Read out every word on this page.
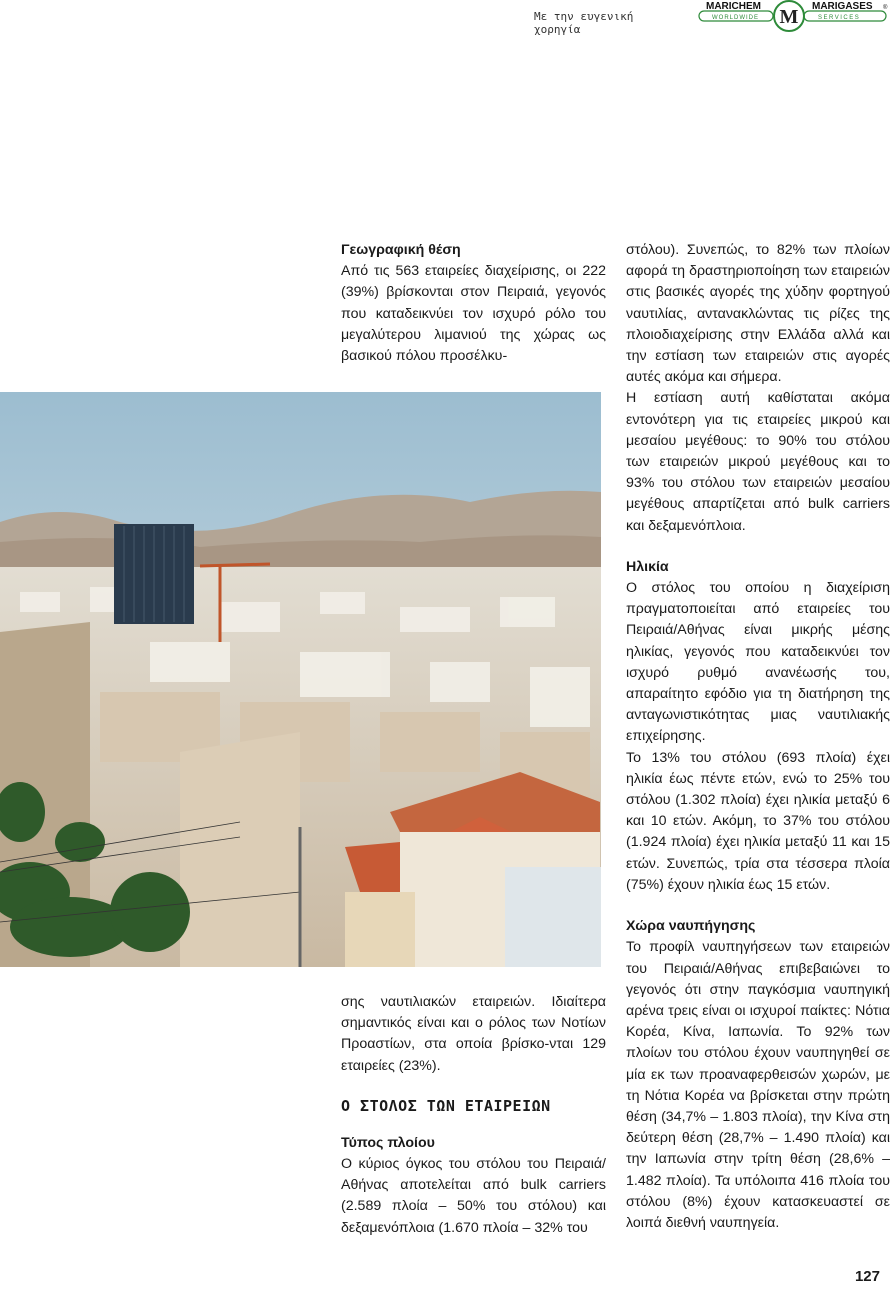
Με την ευγενική χορηγία
MARICHEM
WORLDWIDE
MARIGASES
SERVICES
®
M
Γεωγραφική θέση

Από τις 563 εταιρείες διαχείρισης, οι 222 (39%) βρίσκονται στον Πειραιά, γεγονός που καταδεικνύει τον ισχυρό ρόλο του μεγαλύτερου λιμανιού της χώρας ως βασικού πόλου προσέλκυ-

σης ναυτιλιακών εταιρειών. Ιδιαίτερα σημαντικός είναι και ο ρόλος των Νοτίων Προαστίων, στα οποία βρίσκο-νται 129 εταιρείες (23%).

Ο ΣΤΟΛΟΣ ΤΩΝ ΕΤΑΙΡΕΙΩΝ
Τύπος πλοίου

Ο κύριος όγκος του στόλου του Πειραιά/Αθήνας αποτελείται από bulk carriers (2.589 πλοία – 50% του στόλου) και δεξαμενόπλοια (1.670 πλοία – 32% του

στόλου). Συνεπώς, το 82% των πλοίων αφορά τη δραστηριοποίηση των εταιρειών στις βασικές αγορές της χύδην φορτηγού ναυτιλίας, αντανακλώντας τις ρίζες της πλοιοδιαχείρισης στην Ελλάδα αλλά και την εστίαση των εταιρειών στις αγορές αυτές ακόμα και σήμερα.

Η εστίαση αυτή καθίσταται ακόμα εντονότερη για τις εταιρείες μικρού και μεσαίου μεγέθους: το 90% του στόλου των εταιρειών μικρού μεγέθους και το 93% του στόλου των εταιρειών μεσαίου μεγέθους απαρτίζεται από bulk carriers και δεξαμενόπλοια.

Ηλικία

Ο στόλος του οποίου η διαχείριση πραγματοποιείται από εταιρείες του Πειραιά/Αθήνας είναι μικρής μέσης ηλικίας, γεγονός που καταδεικνύει τον ισχυρό ρυθμό ανανέωσής του, απαραίτητο εφόδιο για τη διατήρηση της ανταγωνιστικότητας μιας ναυτιλιακής επιχείρησης.

Το 13% του στόλου (693 πλοία) έχει ηλικία έως πέντε ετών, ενώ το 25% του στόλου (1.302 πλοία) έχει ηλικία μεταξύ 6 και 10 ετών. Ακόμη, το 37% του στόλου (1.924 πλοία) έχει ηλικία μεταξύ 11 και 15 ετών. Συνεπώς, τρία στα τέσσερα πλοία (75%) έχουν ηλικία έως 15 ετών.

Χώρα ναυπήγησης

Το προφίλ ναυπηγήσεων των εταιρειών του Πειραιά/Αθήνας επιβεβαιώνει το γεγονός ότι στην παγκόσμια ναυπηγική αρένα τρεις είναι οι ισχυροί παίκτες: Νότια Κορέα, Κίνα, Ιαπωνία. Το 92% των πλοίων του στόλου έχουν ναυπηγηθεί σε μία εκ των προαναφερθεισών χωρών, με τη Νότια Κορέα να βρίσκεται στην πρώτη θέση (34,7% – 1.803 πλοία), την Κίνα στη δεύτερη θέση (28,7% – 1.490 πλοία) και την Ιαπωνία στην τρίτη θέση (28,6% – 1.482 πλοία). Τα υπόλοιπα 416 πλοία του στόλου (8%) έχουν κατασκευαστεί σε λοιπά διεθνή ναυπηγεία.

127
